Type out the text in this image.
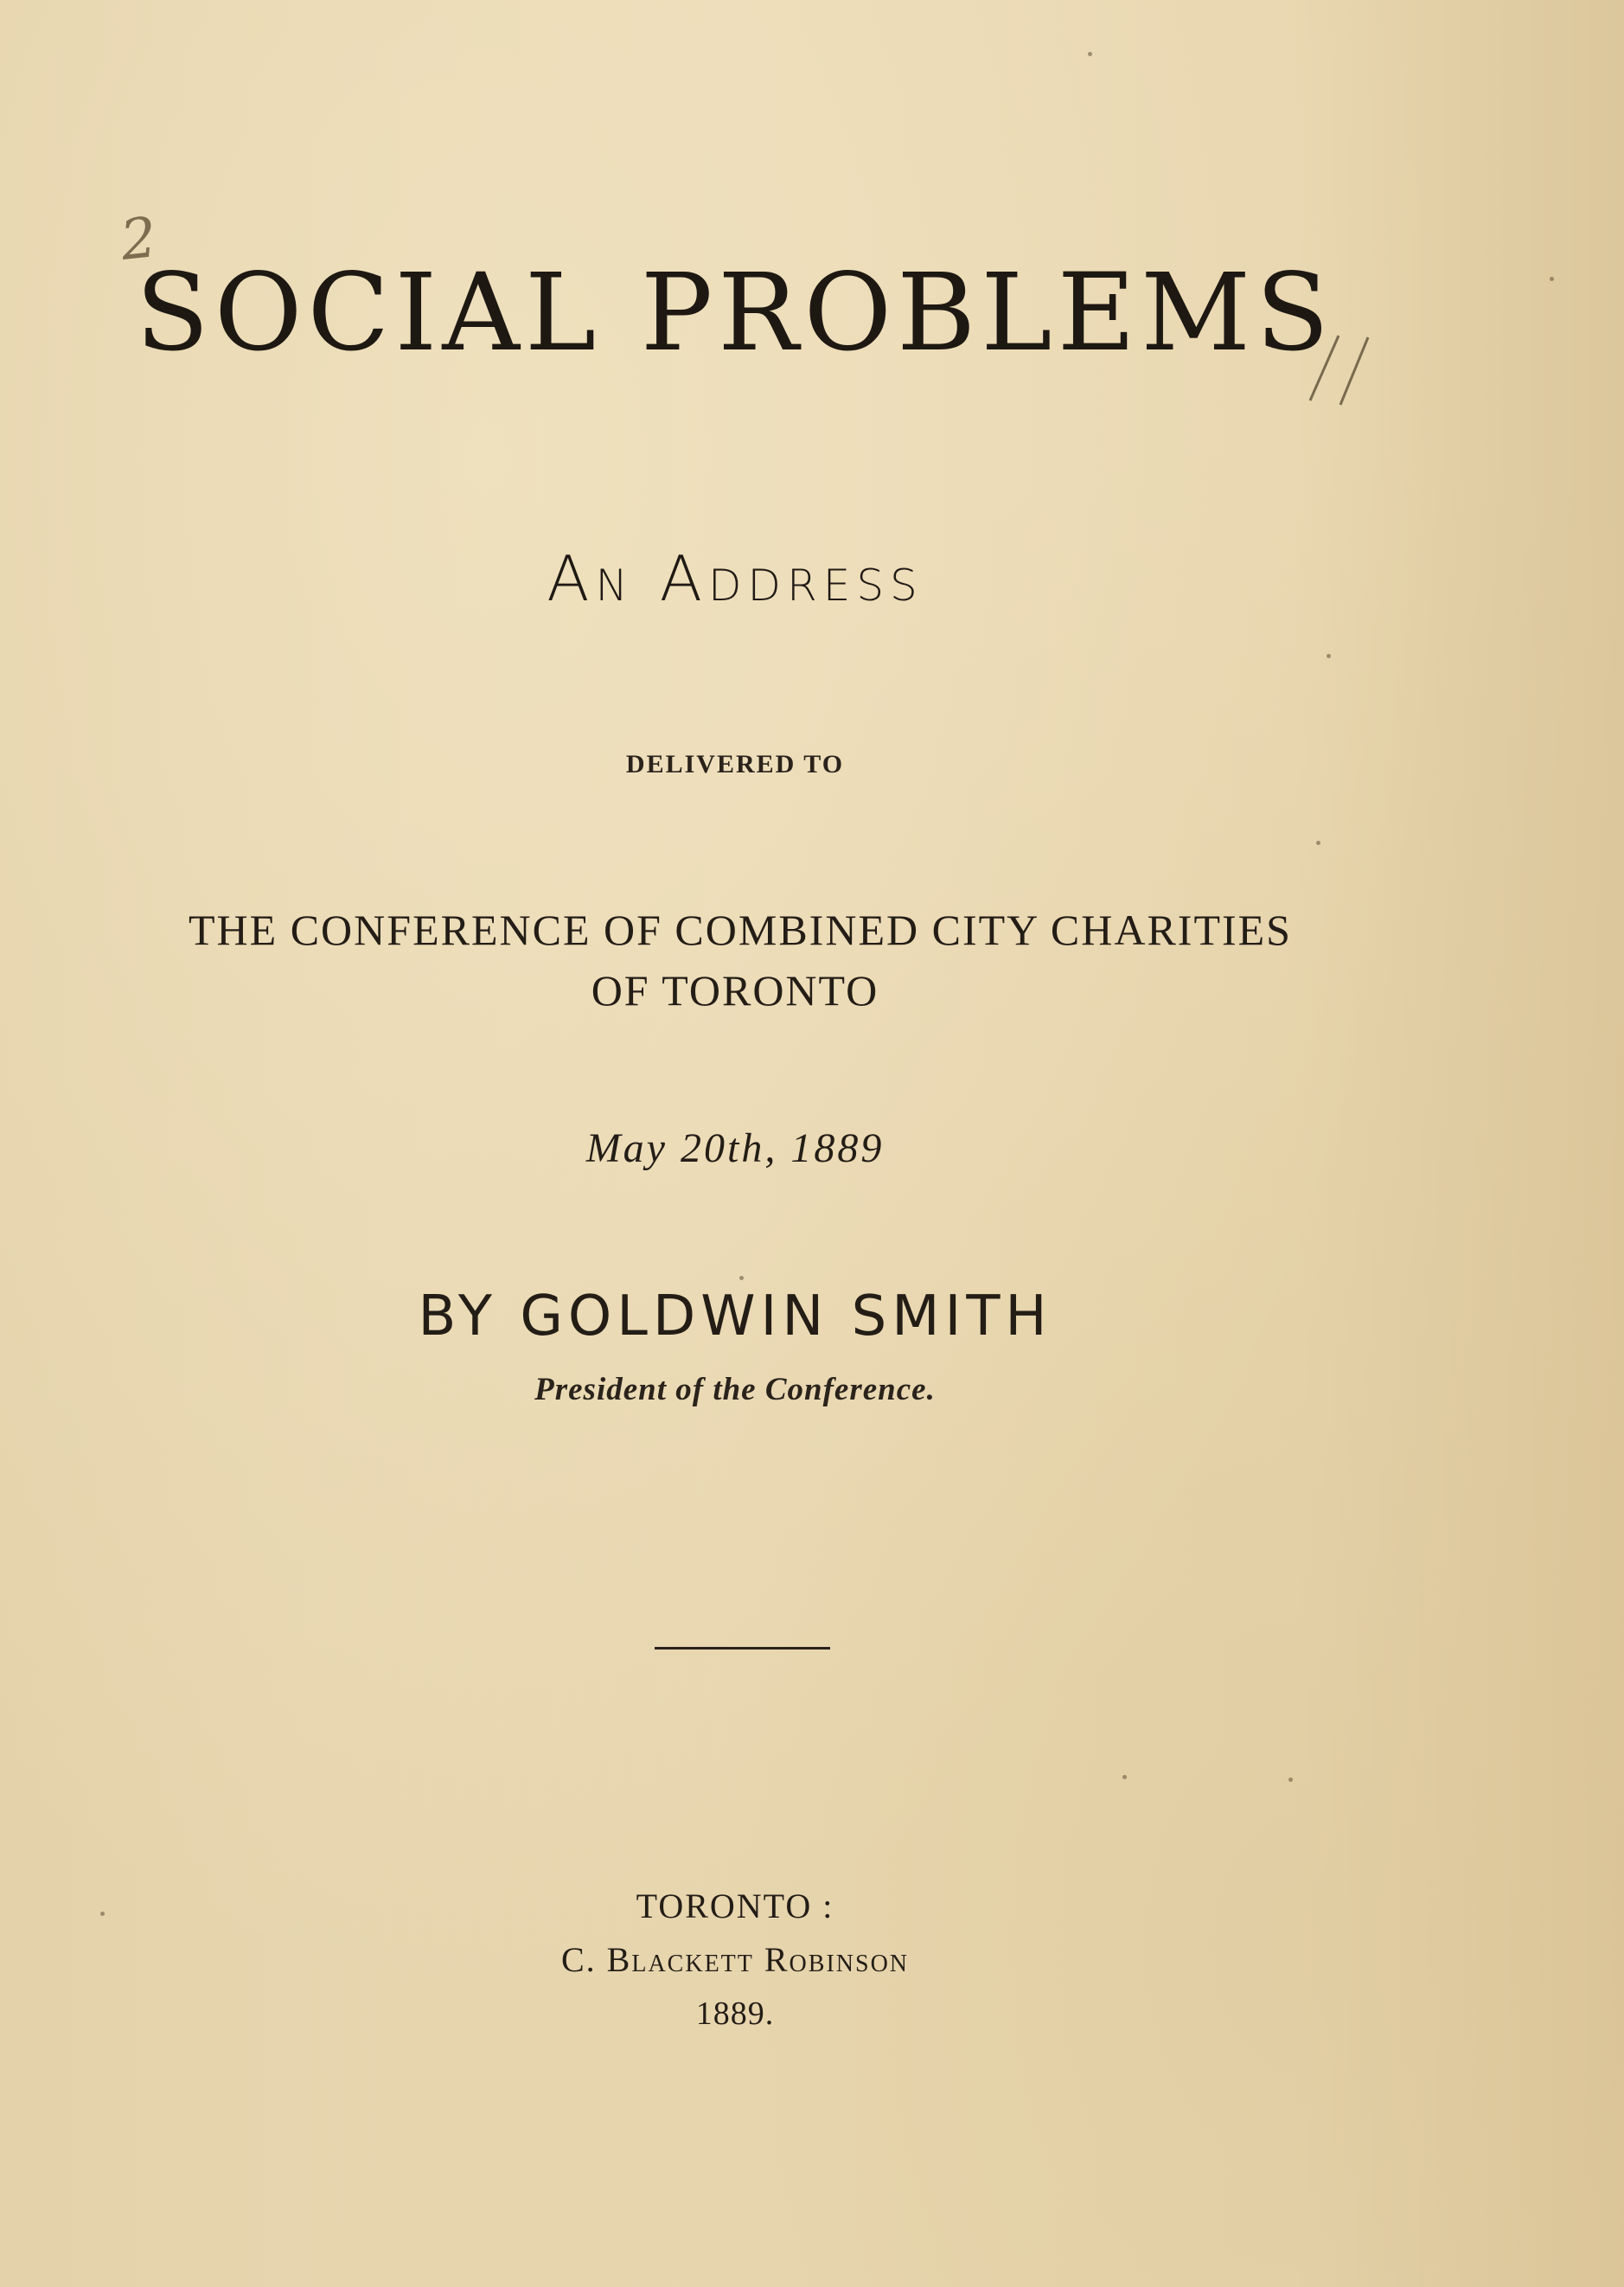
2
SOCIAL PROBLEMS
An Address
DELIVERED TO
THE CONFERENCE OF COMBINED CITY CHARITIES
OF TORONTO
May 20th, 1889
BY GOLDWIN SMITH
President of the Conference.
TORONTO :
C. Blackett Robinson
1889.
